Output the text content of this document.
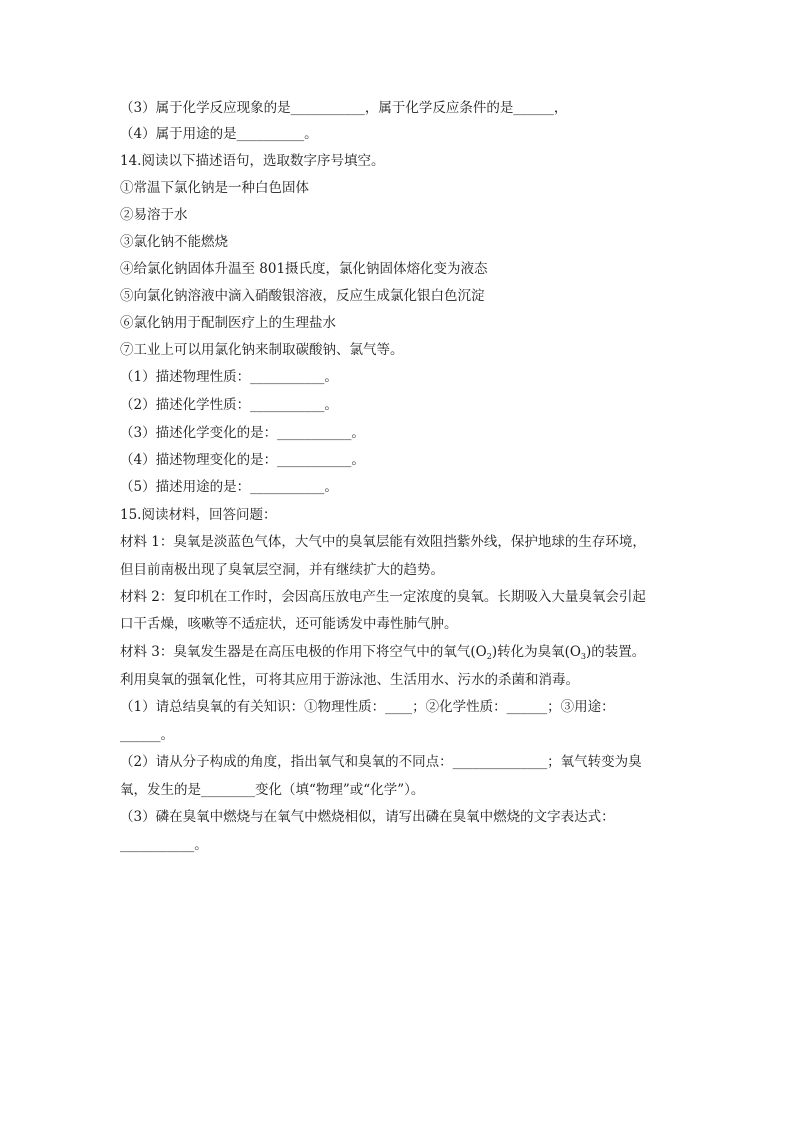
（3）属于化学反应现象的是___________，属于化学反应条件的是______，
（4）属于用途的是__________。
14.阅读以下描述语句，选取数字序号填空。
①常温下氯化钠是一种白色固体
②易溶于水
③氯化钠不能燃烧
④给氯化钠固体升温至 801摄氏度，氯化钠固体熔化变为液态
⑤向氯化钠溶液中滴入硝酸银溶液，反应生成氯化银白色沉淀
⑥氯化钠用于配制医疗上的生理盐水
⑦工业上可以用氯化钠来制取碳酸钠、氯气等。
（1）描述物理性质：___________。
（2）描述化学性质：___________。
（3）描述化学变化的是：___________。
（4）描述物理变化的是：___________。
（5）描述用途的是：___________。
15.阅读材料，回答问题：
材料 1：臭氧是淡蓝色气体，大气中的臭氧层能有效阻挡紫外线，保护地球的生存环境，
但目前南极出现了臭氧层空洞，并有继续扩大的趋势。
材料 2：复印机在工作时，会因高压放电产生一定浓度的臭氧。长期吸入大量臭氧会引起
口干舌燥，咳嗽等不适症状，还可能诱发中毒性肺气肿。
材料 3：臭氧发生器是在高压电极的作用下将空气中的氧气$(O_2)$转化为臭氧$(O_3)$的装置。
利用臭氧的强氧化性，可将其应用于游泳池、生活用水、污水的杀菌和消毒。
（1）请总结臭氧的有关知识：①物理性质：____；②化学性质：______；③用途：
______。
（2）请从分子构成的角度，指出氧气和臭氧的不同点：______________；氧气转变为臭
氧，发生的是________变化（填“物理”或“化学”）。
（3）磷在臭氧中燃烧与在氧气中燃烧相似，请写出磷在臭氧中燃烧的文字表达式：
___________。
